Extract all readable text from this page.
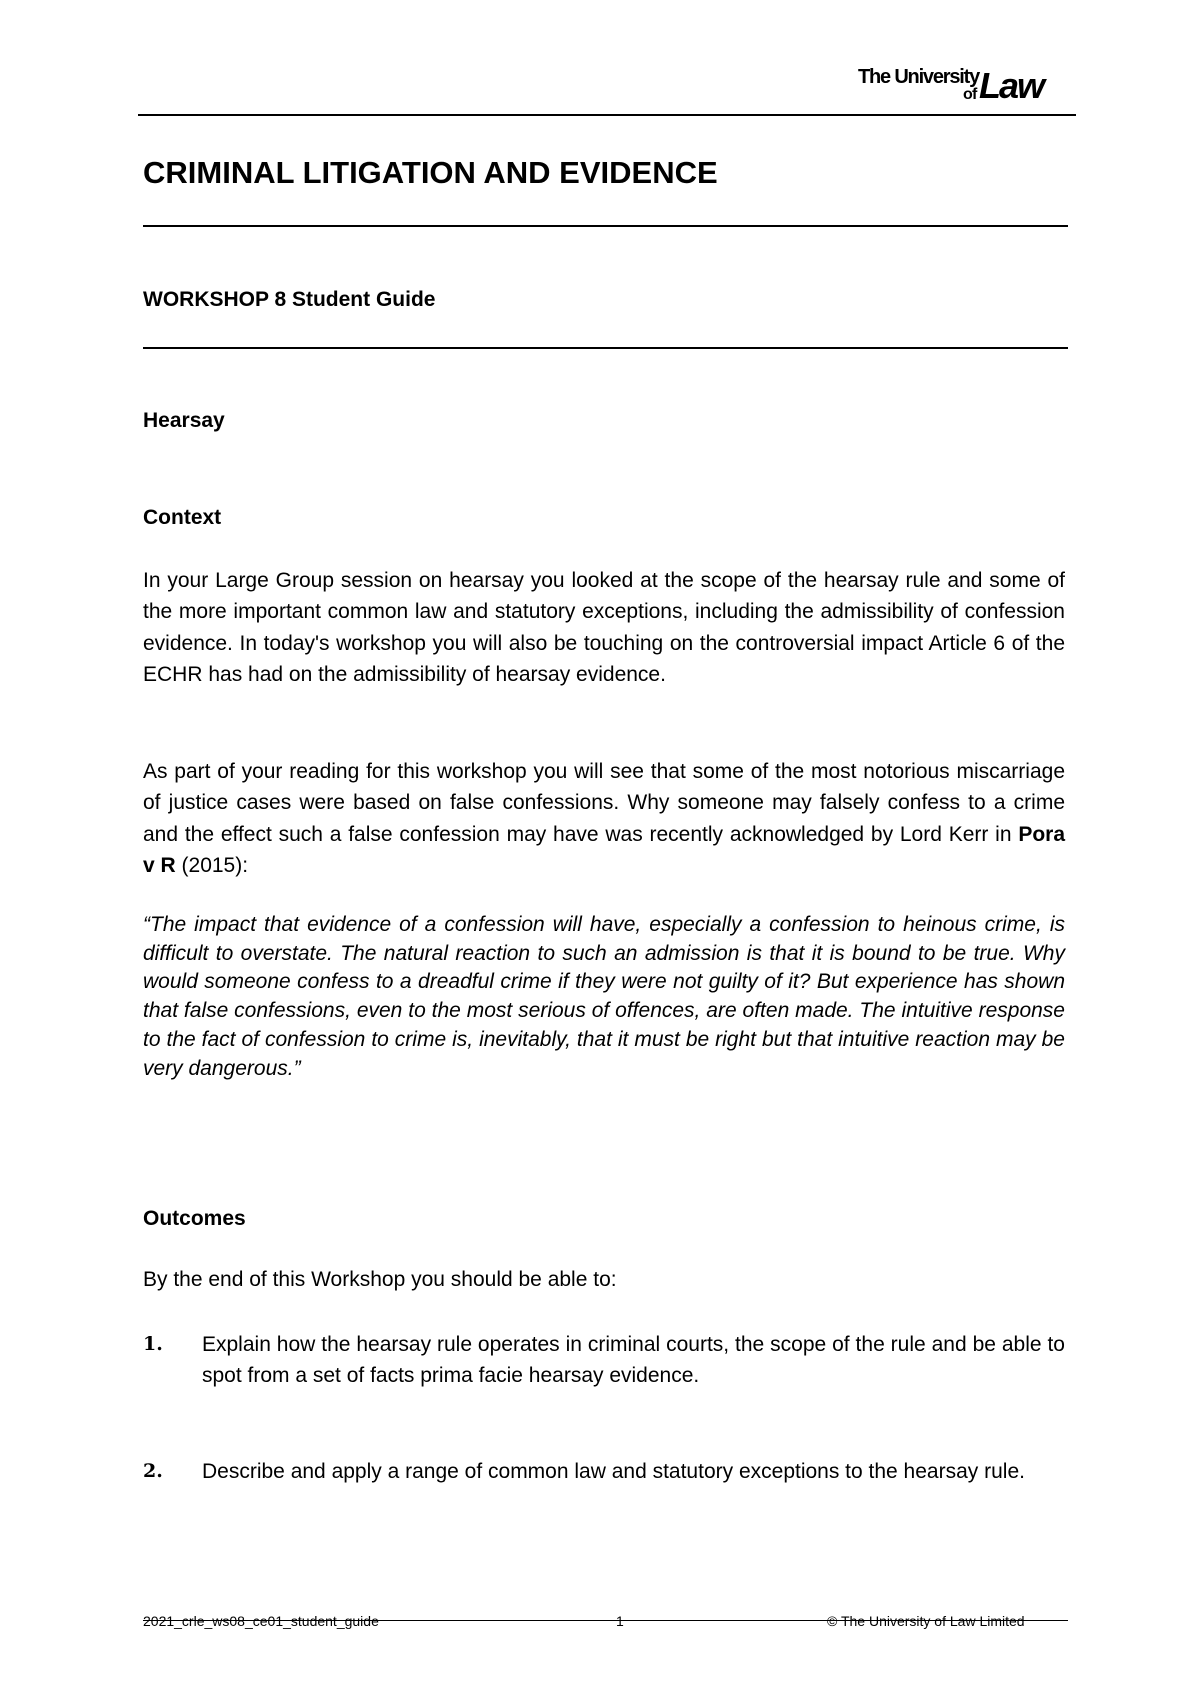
The University
of Law
CRIMINAL LITIGATION AND EVIDENCE
WORKSHOP 8 Student Guide
Hearsay
Context
In your Large Group session on hearsay you looked at the scope of the hearsay rule and some of the more important common law and statutory exceptions, including the admissibility of confession evidence. In today's workshop you will also be touching on the controversial impact Article 6 of the ECHR has had on the admissibility of hearsay evidence.
As part of your reading for this workshop you will see that some of the most notorious miscarriage of justice cases were based on false confessions. Why someone may falsely confess to a crime and the effect such a false confession may have was recently acknowledged by Lord Kerr in Pora v R (2015):
“The impact that evidence of a confession will have, especially a confession to heinous crime, is difficult to overstate. The natural reaction to such an admission is that it is bound to be true. Why would someone confess to a dreadful crime if they were not guilty of it? But experience has shown that false confessions, even to the most serious of offences, are often made. The intuitive response to the fact of confession to crime is, inevitably, that it must be right but that intuitive reaction may be very dangerous.”
Outcomes
By the end of this Workshop you should be able to:
1. Explain how the hearsay rule operates in criminal courts, the scope of the rule and be able to spot from a set of facts prima facie hearsay evidence.
2. Describe and apply a range of common law and statutory exceptions to the hearsay rule.
2021_crle_ws08_ce01_student_guide	1	© The University of Law Limited
